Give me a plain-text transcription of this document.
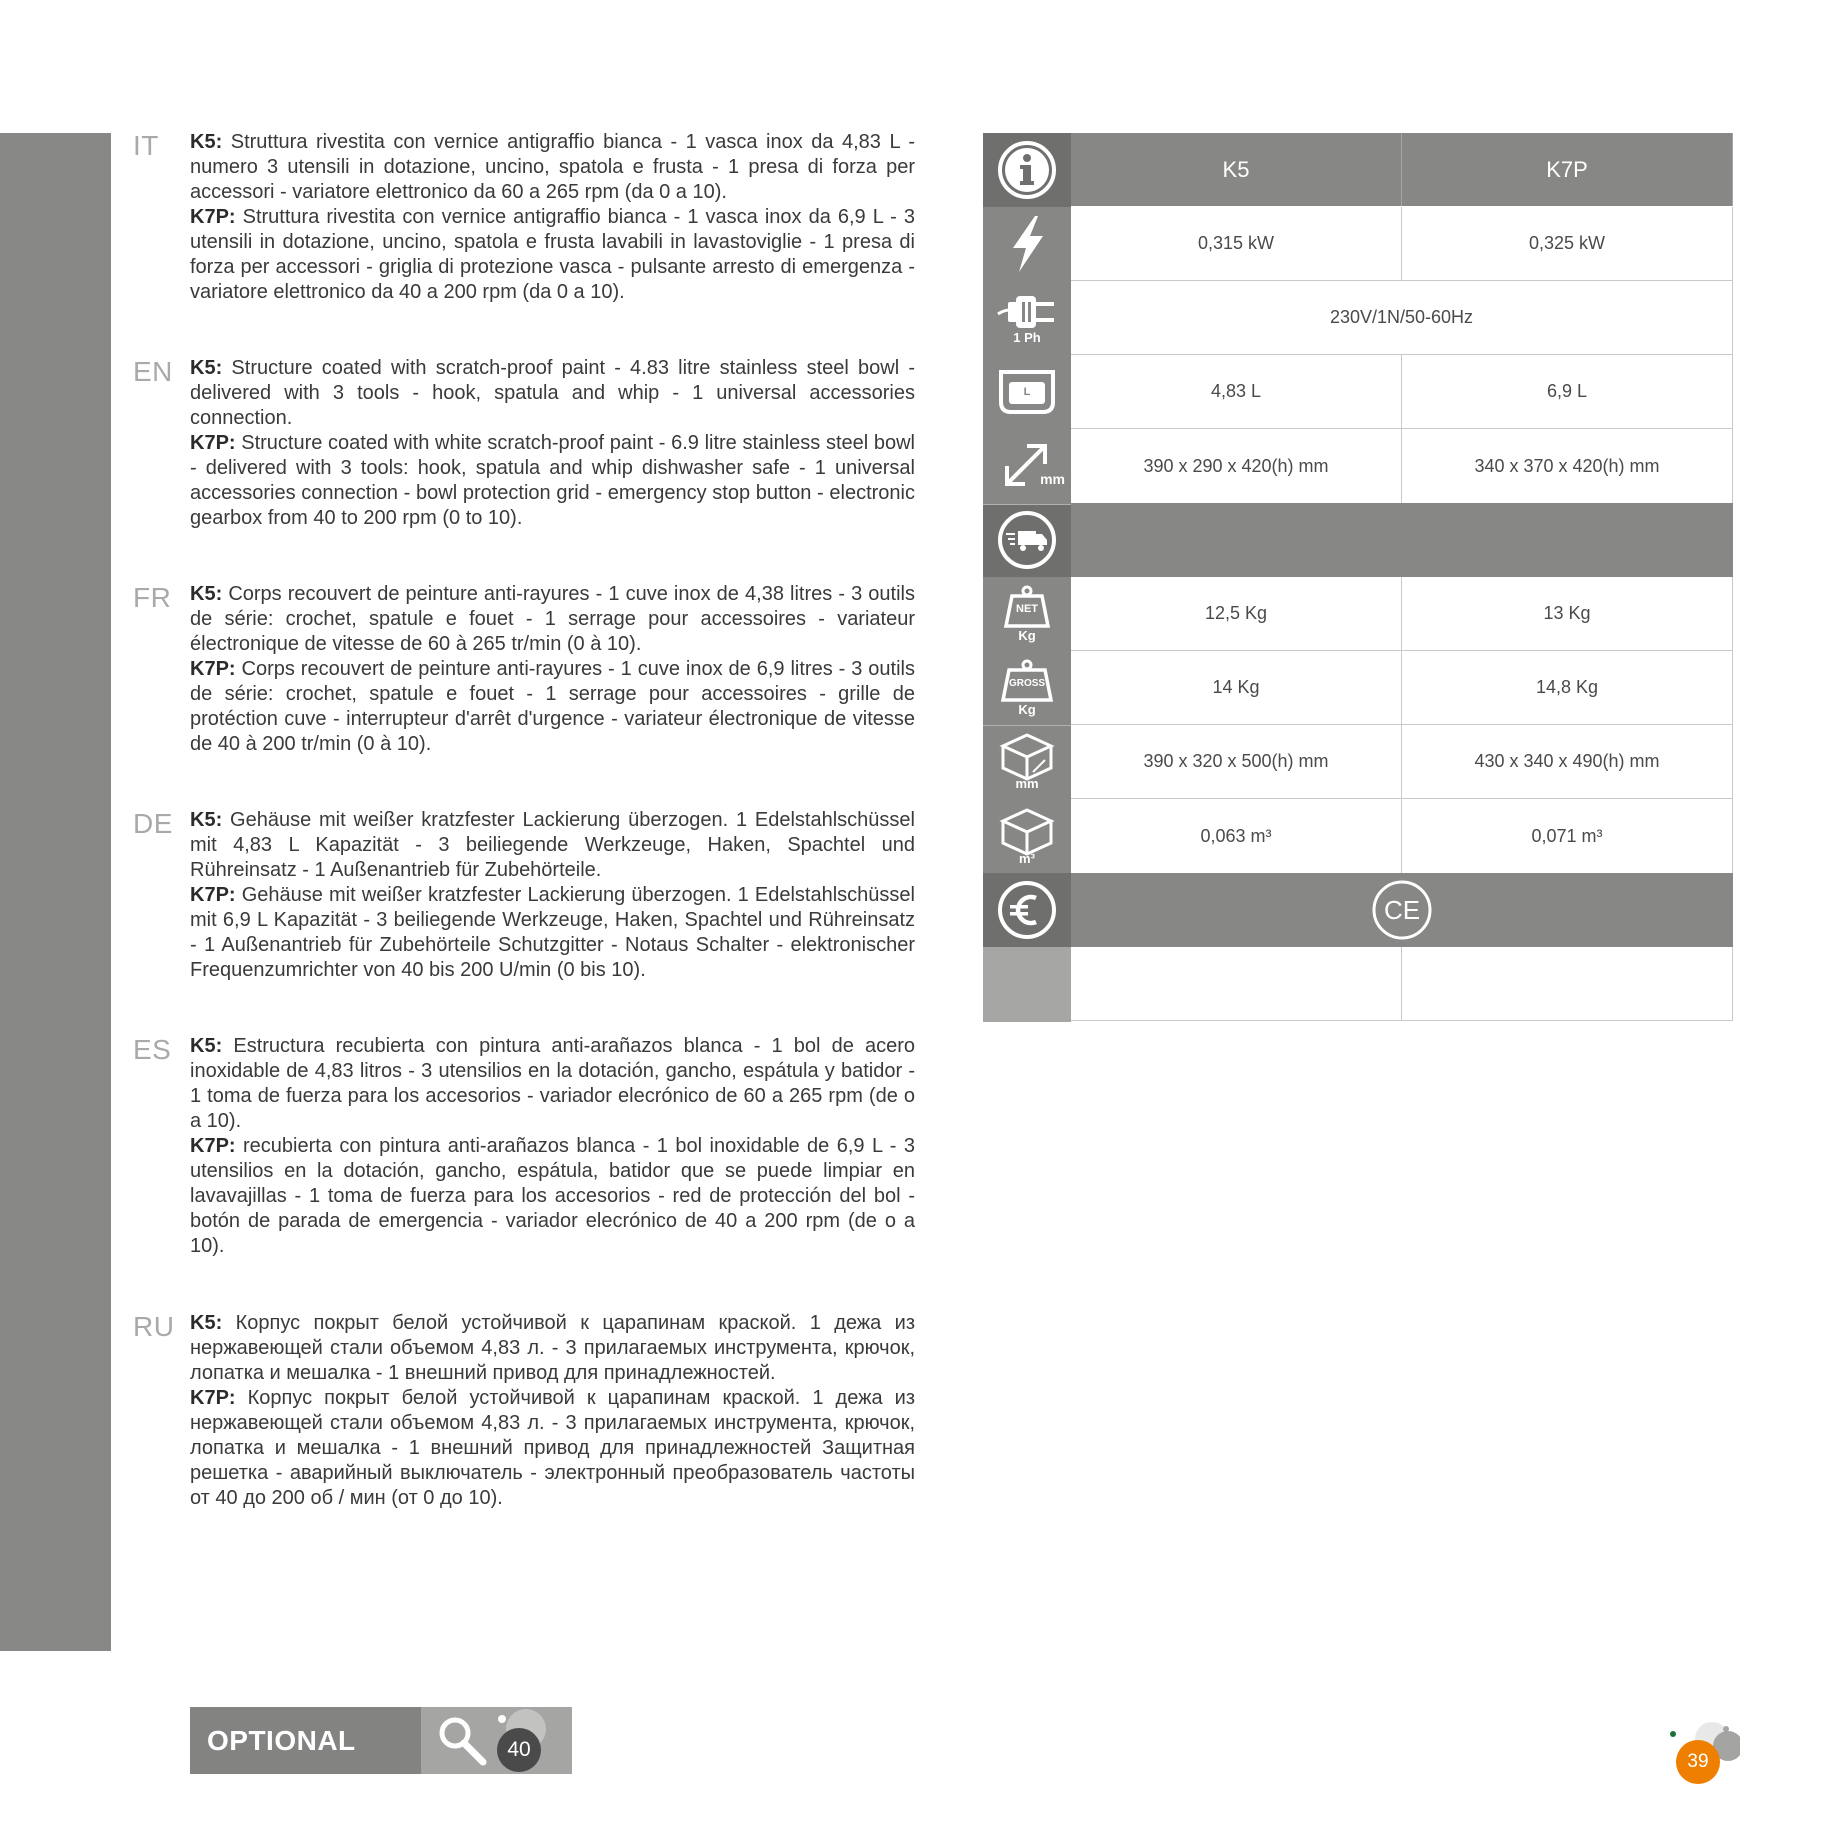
IT K5: Struttura rivestita con vernice antigraffio bianca - 1 vasca inox da 4,83 L - numero 3 utensili in dotazione, uncino, spatola e frusta - 1 presa di forza per accessori - variatore elettronico da 60 a 265 rpm (da 0 a 10).

K7P: Struttura rivestita con vernice antigraffio bianca - 1 vasca inox da 6,9 L - 3 utensili in dotazione, uncino, spatola e frusta lavabili in lavastoviglie - 1 presa di forza per accessori - griglia di protezione vasca - pulsante arresto di emergenza - variatore elettronico da 40 a 200 rpm (da 0 a 10).

EN K5: Structure coated with scratch-proof paint - 4.83 litre stainless steel bowl - delivered with 3 tools - hook, spatula and whip - 1 universal accessories connection.

K7P: Structure coated with white scratch-proof paint - 6.9 litre stainless steel bowl - delivered with 3 tools: hook, spatula and whip dishwasher safe - 1 universal accessories connection - bowl protection grid - emergency stop button - electronic gearbox from 40 to 200 rpm (0 to 10).

FR K5: Corps recouvert de peinture anti-rayures - 1 cuve inox de 4,38 litres - 3 outils de série: crochet, spatule e fouet - 1 serrage pour accessoires - variateur électronique de vitesse de 60 à 265 tr/min (0 à 10).

K7P: Corps recouvert de peinture anti-rayures - 1 cuve inox de 6,9 litres - 3 outils de série: crochet, spatule e fouet - 1 serrage pour accessoires - grille de protéction cuve - interrupteur d'arrêt d'urgence - variateur électronique de vitesse de 40 à 200 tr/min (0 à 10).

DE K5: Gehäuse mit weißer kratzfester Lackierung überzogen. 1 Edelstahlschüssel mit 4,83 L Kapazität - 3 beiliegende Werkzeuge, Haken, Spachtel und Rühreinsatz - 1 Außenantrieb für Zubehörteile.

K7P: Gehäuse mit weißer kratzfester Lackierung überzogen. 1 Edelstahlschüssel mit 6,9 L Kapazität - 3 beiliegende Werkzeuge, Haken, Spachtel und Rühreinsatz - 1 Außenantrieb für Zubehörteile Schutzgitter - Notaus Schalter - elektronischer Frequenzumrichter von 40 bis 200 U/min (0 bis 10).

ES K5: Estructura recubierta con pintura anti-arañazos blanca - 1 bol de acero inoxidable de 4,83 litros - 3 utensilios en la dotación, gancho, espátula y batidor - 1 toma de fuerza para los accesorios - variador elecrónico de 60 a 265 rpm (de o a 10).

K7P: recubierta con pintura anti-arañazos blanca - 1 bol inoxidable de 6,9 L - 3 utensilios en la dotación, gancho, espátula, batidor que se puede limpiar en lavavajillas - 1 toma de fuerza para los accesorios - red de protección del bol - botón de parada de emergencia - variador elecrónico de 40 a 200 rpm (de o a 10).

RU K5: Корпус покрыт белой устойчивой к царапинам краской. 1 дежа из нержавеющей стали объемом 4,83 л. - 3 прилагаемых инструмента, крючок, лопатка и мешалка - 1 внешний привод для принадлежностей.

K7P: Корпус покрыт белой устойчивой к царапинам краской. 1 дежа из нержавеющей стали объемом 4,83 л. - 3 прилагаемых инструмента, крючок, лопатка и мешалка - 1 внешний привод для принадлежностей Защитная решетка - аварийный выключатель - электронный преобразователь частоты от 40 до 200 об / мин (от 0 до 10).

K5	K7P
0,315 kW	0,325 kW
1 Ph
230V/1N/50-60Hz
L	4,83 L	6,9 L
mm
390 x 290 x 420(h) mm	340 x 370 x 420(h) mm
NET
Kg
12,5 Kg	13 Kg
GROSS
Kg
14 Kg	14,8 Kg
mm
390 x 320 x 500(h) mm	430 x 340 x 490(h) mm
m³
0,063 m³	0,071 m³
CE
OPTIONAL	40
39
